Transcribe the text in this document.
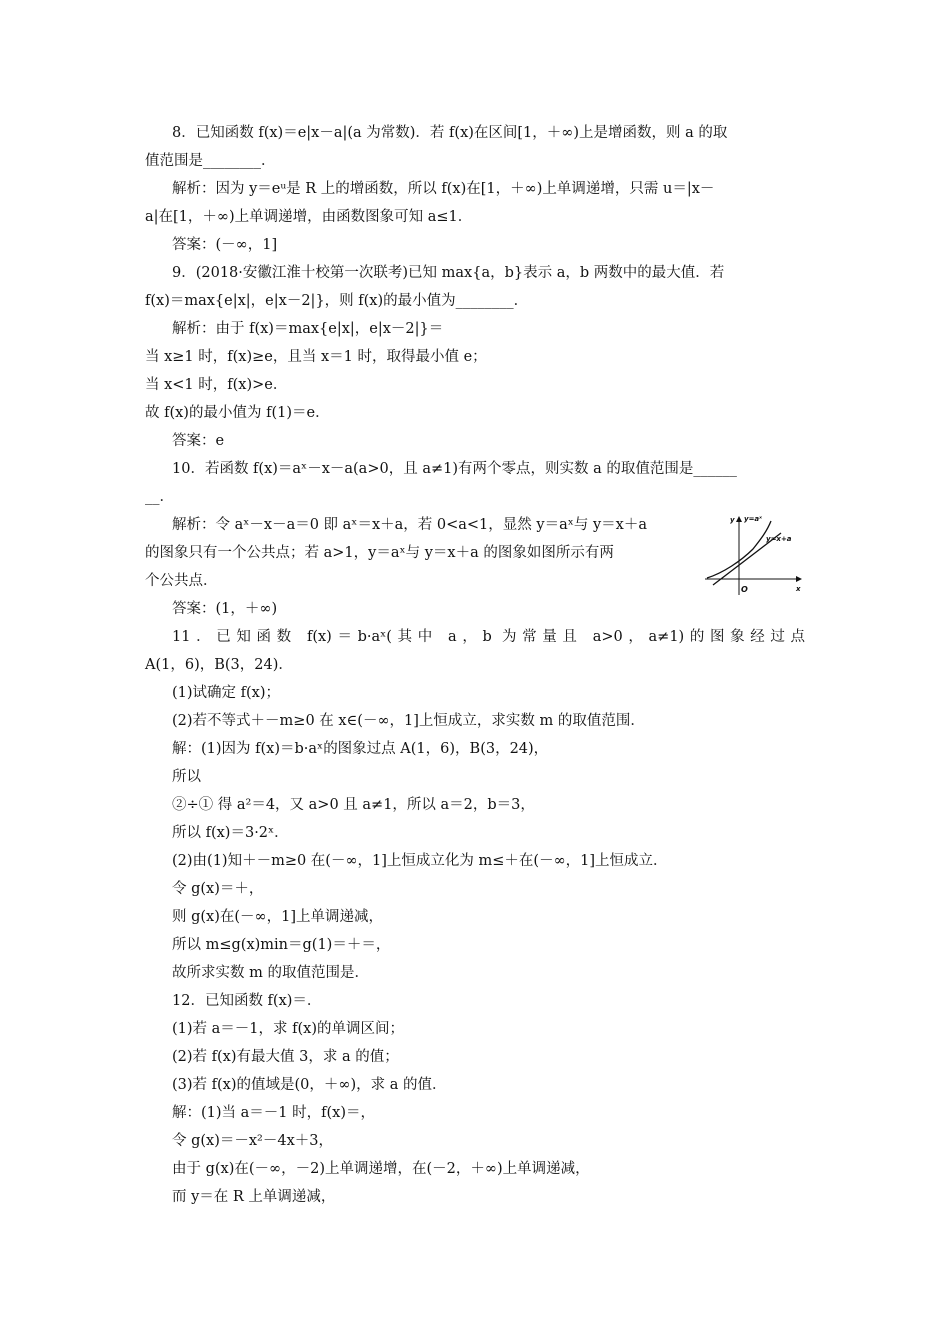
8．已知函数 f(x)＝e|x－a|(a 为常数)．若 f(x)在区间[1，＋∞)上是增函数，则 a 的取
值范围是________．
解析：因为 y＝eᵘ是 R 上的增函数，所以 f(x)在[1，＋∞)上单调递增，只需 u＝|x－
a|在[1，＋∞)上单调递增，由函数图象可知 a≤1．
答案：(－∞，1]
9．(2018·安徽江淮十校第一次联考)已知 max{a，b}表示 a，b 两数中的最大值．若
f(x)＝max{e|x|，e|x－2|}，则 f(x)的最小值为________．
解析：由于 f(x)＝max{e|x|，e|x－2|}＝
当 x≥1 时，f(x)≥e，且当 x＝1 时，取得最小值 e；
当 x<1 时，f(x)>e．
故 f(x)的最小值为 f(1)＝e．
答案：e
10．若函数 f(x)＝aˣ－x－a(a>0，且 a≠1)有两个零点，则实数 a 的取值范围是______
__．
解析：令 aˣ－x－a＝0 即 aˣ＝x＋a，若 0<a<1，显然 y＝aˣ与 y＝x＋a
的图象只有一个公共点；若 a>1，y＝aˣ与 y＝x＋a 的图象如图所示有两
个公共点．
答案：(1，＋∞)
11．已知函数 f(x)＝b·aˣ(其中 a，b 为常量且 a>0，a≠1)的图象经过点
A(1，6)，B(3，24)．
(1)试确定 f(x)；
(2)若不等式＋－m≥0 在 x∈(－∞，1]上恒成立，求实数 m 的取值范围．
解：(1)因为 f(x)＝b·aˣ的图象过点 A(1，6)，B(3，24)，
所以
②÷① 得 a²＝4，又 a>0 且 a≠1，所以 a＝2，b＝3，
所以 f(x)＝3·2ˣ．
(2)由(1)知＋－m≥0 在(－∞，1]上恒成立化为 m≤＋在(－∞，1]上恒成立．
令 g(x)＝＋，
则 g(x)在(－∞，1]上单调递减，
所以 m≤g(x)min＝g(1)＝＋＝，
故所求实数 m 的取值范围是．
12．已知函数 f(x)＝．
(1)若 a＝－1，求 f(x)的单调区间；
(2)若 f(x)有最大值 3，求 a 的值；
(3)若 f(x)的值域是(0，＋∞)，求 a 的值．
解：(1)当 a＝－1 时，f(x)＝，
令 g(x)＝－x²－4x＋3，
由于 g(x)在(－∞，－2)上单调递增，在(－2，＋∞)上单调递减，
而 y＝在 R 上单调递减，
y=aˣ
y=x+a
y
x
O
